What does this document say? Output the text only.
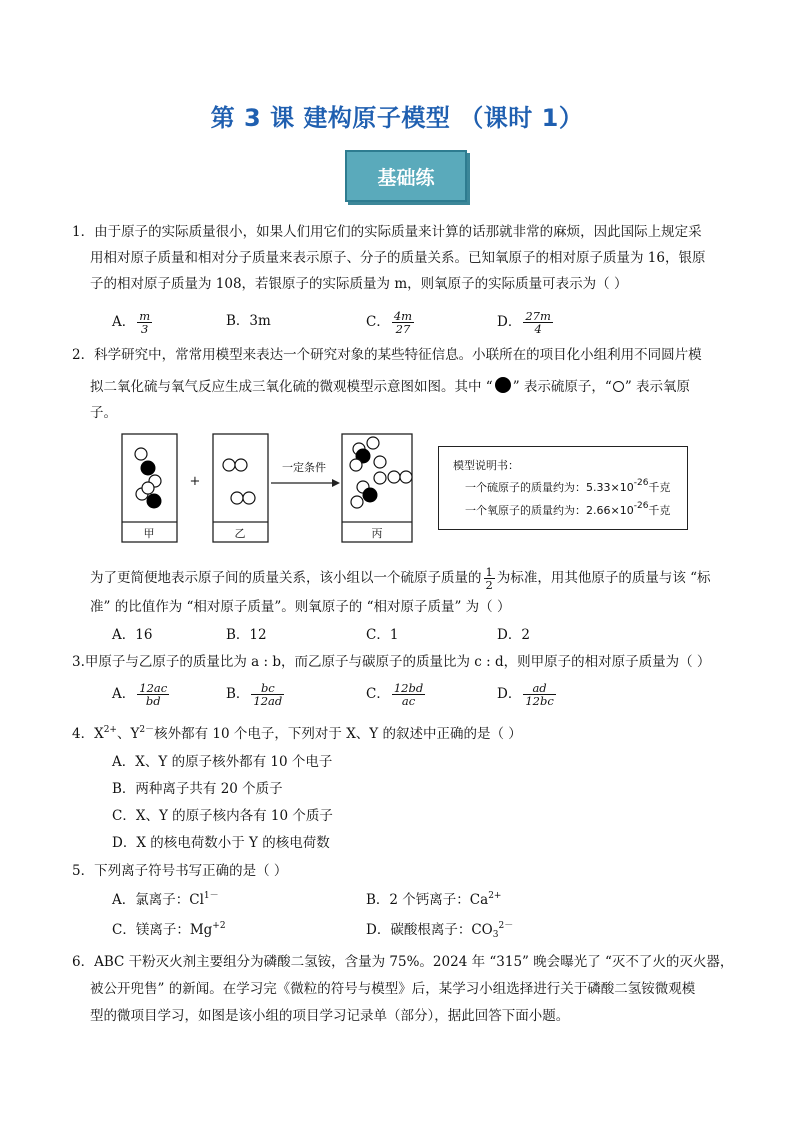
第 3 课 建构原子模型 （课时 1）
基础练
1．由于原子的实际质量很小，如果人们用它们的实际质量来计算的话那就非常的麻烦，因此国际上规定采
用相对原子质量和相对分子质量来表示原子、分子的质量关系。已知氧原子的相对原子质量为 16，银原
子的相对原子质量为 108，若银原子的实际质量为 m，则氧原子的实际质量可表示为（ ）
A． $\frac{m}{3}$	B．3m	C． $\frac{4m}{27}$	D． $\frac{27m}{4}$
2．科学研究中，常常用模型来表达一个研究对象的某些特征信息。小联所在的项目化小组利用不同圆片模
拟二氧化硫与氧气反应生成三氧化硫的微观模型示意图如图。其中 “ ” 表示硫原子，“ ” 表示氧原
子。
一定条件
+
甲	乙	丙
模型说明书：
一个硫原子的质量约为：$5.33\times 10^{-26}$千克
一个氧原子的质量约为：$2.66\times 10^{-26}$千克
为了更简便地表示原子间的质量关系，该小组以一个硫原子质量的 $\frac{1}{2}$ 为标准，用其他原子的质量与该 “标
准” 的比值作为 “相对原子质量”。则氧原子的 “相对原子质量” 为（ ）
A．16	B．12	C．1	D．2
3.甲原子与乙原子的质量比为 a : b，而乙原子与碳原子的质量比为 c : d，则甲原子的相对原子质量为（ ）
A． $\frac{12ac}{bd}$	B． $\frac{bc}{12ad}$	C． $\frac{12bd}{ac}$	D． $\frac{ad}{12bc}$
4．$X^{2+}$、$Y^{2-}$核外都有 10 个电子，下列对于 X、Y 的叙述中正确的是（ ）
A．X、Y 的原子核外都有 10 个电子
B．两种离子共有 20 个质子
C．X、Y 的原子核内各有 10 个质子
D．X 的核电荷数小于 Y 的核电荷数
5．下列离子符号书写正确的是（ ）
A．氯离子：$Cl^{1-}$	B．2 个钙离子：$Ca^{2+}$
C．镁离子：$Mg^{+2}$	D．碳酸根离子：$CO_3^{2-}$
6．ABC 干粉灭火剂主要组分为磷酸二氢铵，含量为 75%。2024 年 “315” 晚会曝光了 “灭不了火的灭火器，
被公开兜售” 的新闻。在学习完《微粒的符号与模型》后，某学习小组选择进行关于磷酸二氢铵微观模
型的微项目学习，如图是该小组的项目学习记录单（部分），据此回答下面小题。
